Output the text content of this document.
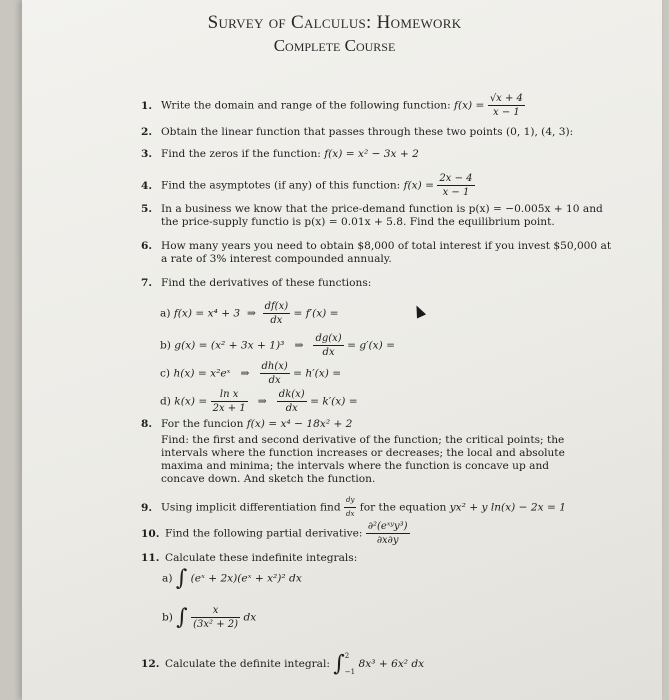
Survey of Calculus: Homework
Complete Course
1. Write the domain and range of the following function: $f(x) = \frac{√x + 4}{x - 1}$
2. Obtain the linear function that passes through these two points (0, 1), (4, 3):
3. Find the zeros if the function: f(x) = x² − 3x + 2
4. Find the asymptotes (if any) of this function: $f(x) = \frac{2x - 4}{x - 1}$
5. In a business we know that the price-demand function is p(x) = −0.005x + 10 and
the price-supply functio is p(x) = 0.01x + 5.8. Find the equilibrium point.
6. How many years you need to obtain $8,000 of total interest if you invest $50,000 at
a rate of 3% interest compounded annualy.
7. Find the derivatives of these functions:
a) f(x) = x⁴ + 3 ⇒ $\frac{df(x)}{dx} = f'(x)$ =
b) g(x) = (x² + 3x + 1)³ ⇒ $\frac{dg(x)}{dx} = g'(x)$ =
c) h(x) = x²eˣ ⇒ $\frac{dh(x)}{dx} = h'(x)$ =
d) $k(x) = \frac{\text{ln x}}{2x + 1}$ ⇒ $\frac{dk(x)}{dx} = k'(x)$ =
8. For the funcion f(x) = x⁴ − 18x² + 2
Find: the first and second derivative of the function; the critical points; the intervals where the function increases or decreases; the local and absolute maxima and minima; the intervals where the function is concave up and concave down. And sketch the function.
9. Using implicit differentiation find $\frac{dy}{dx}$ for the equation yx² + y ln(x) − 2x = 1
10. Find the following partial derivative: $\frac{\text{∂²(eˣʸy³)}}{\partial x\partial y}$
11. Calculate these indefinite integrals:
a) ∫ (eˣ + 2x)(eˣ + x²)² dx
b) ∫ $\frac{x}{\text{(3x² + 2)}}$ dx
12. Calculate the definite integral: ∫ 2
−1
8x³ + 6x² dx
